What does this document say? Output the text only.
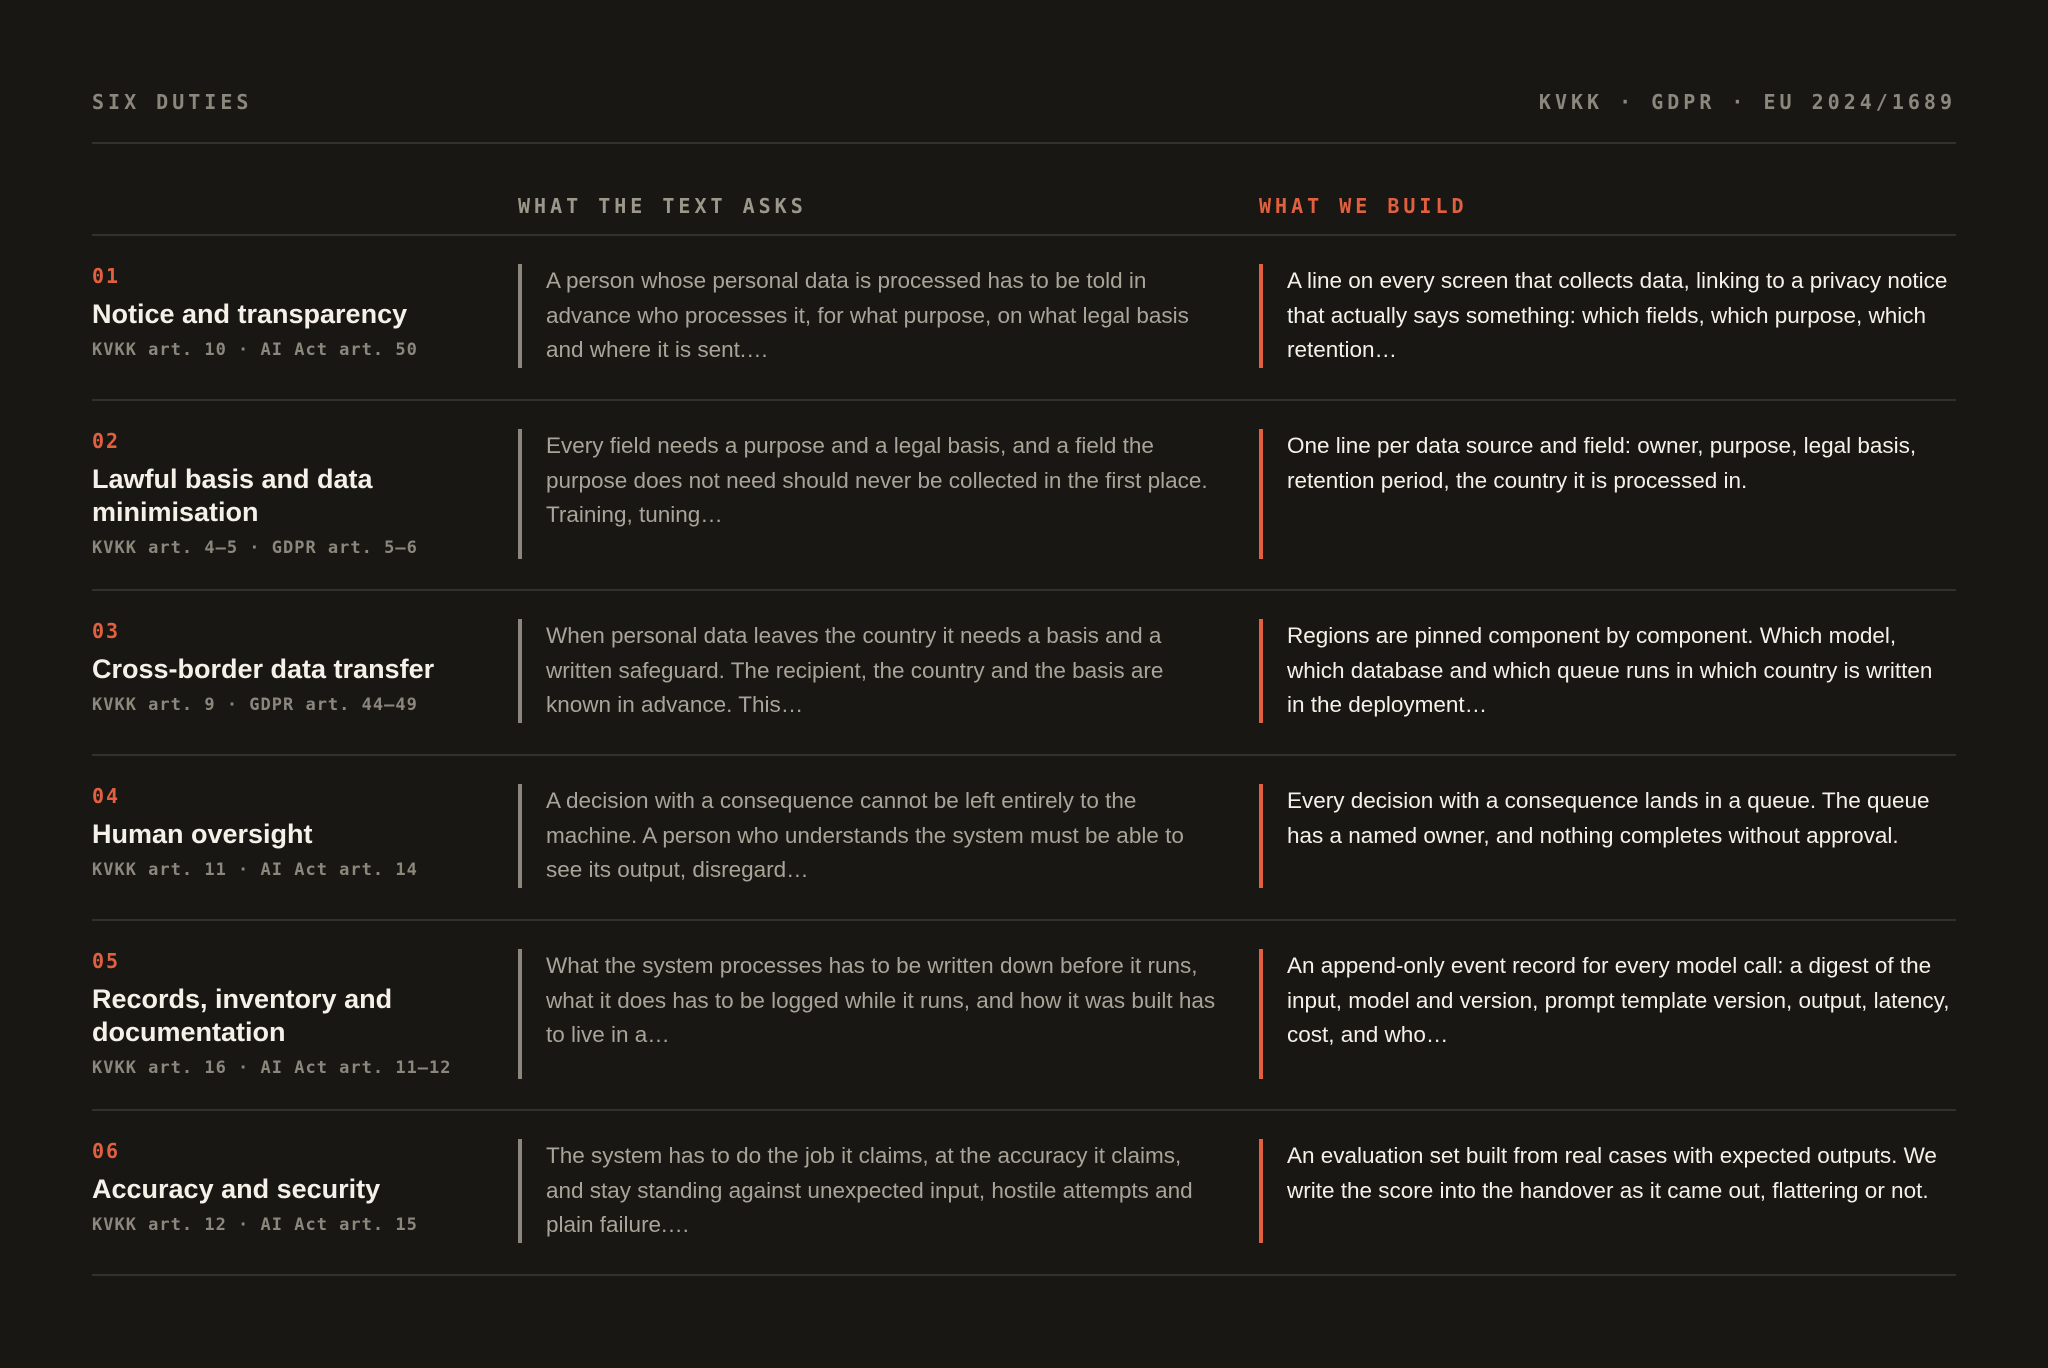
SIX DUTIES	KVKK · GDPR · EU 2024/1689
WHAT THE TEXT ASKS	WHAT WE BUILD
01
Notice and transparency
KVKK art. 10 · AI Act art. 50
A person whose personal data is processed has to be told in advance who processes it, for what purpose, on what legal basis and where it is sent.…
A line on every screen that collects data, linking to a privacy notice that actually says something: which fields, which purpose, which retention…
02
Lawful basis and data minimisation
KVKK art. 4–5 · GDPR art. 5–6
Every field needs a purpose and a legal basis, and a field the purpose does not need should never be collected in the first place. Training, tuning…
One line per data source and field: owner, purpose, legal basis, retention period, the country it is processed in.
03
Cross-border data transfer
KVKK art. 9 · GDPR art. 44–49
When personal data leaves the country it needs a basis and a written safeguard. The recipient, the country and the basis are known in advance. This…
Regions are pinned component by component. Which model, which database and which queue runs in which country is written in the deployment…
04
Human oversight
KVKK art. 11 · AI Act art. 14
A decision with a consequence cannot be left entirely to the machine. A person who understands the system must be able to see its output, disregard…
Every decision with a consequence lands in a queue. The queue has a named owner, and nothing completes without approval.
05
Records, inventory and documentation
KVKK art. 16 · AI Act art. 11–12
What the system processes has to be written down before it runs, what it does has to be logged while it runs, and how it was built has to live in a…
An append-only event record for every model call: a digest of the input, model and version, prompt template version, output, latency, cost, and who…
06
Accuracy and security
KVKK art. 12 · AI Act art. 15
The system has to do the job it claims, at the accuracy it claims, and stay standing against unexpected input, hostile attempts and plain failure.…
An evaluation set built from real cases with expected outputs. We write the score into the handover as it came out, flattering or not.
